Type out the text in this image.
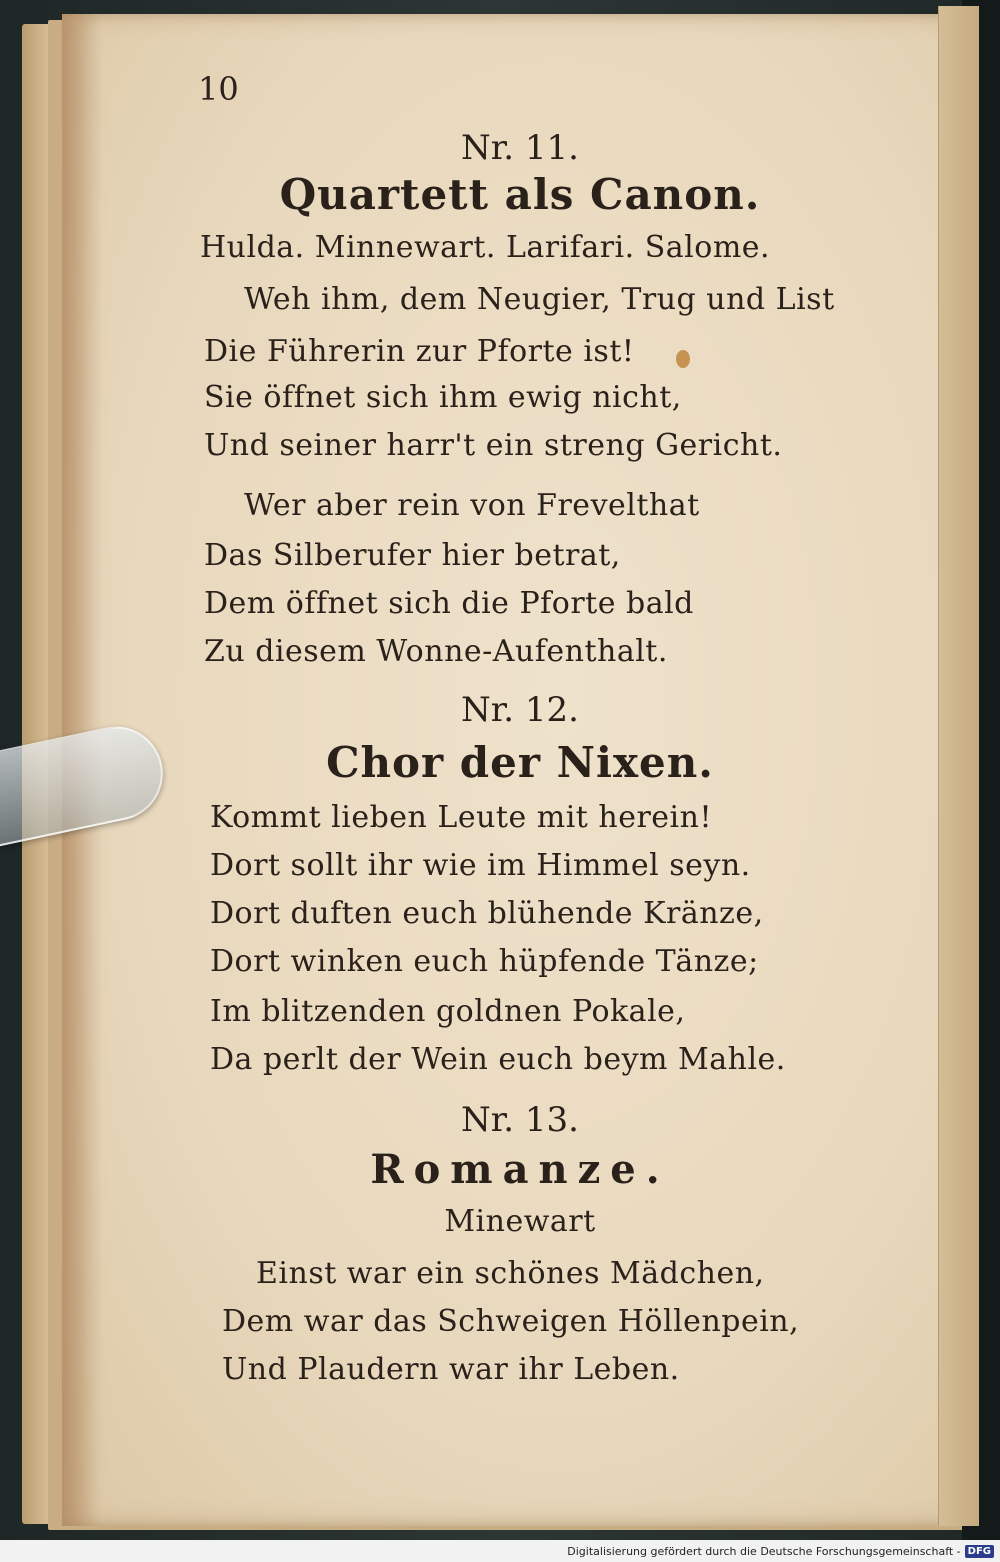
10
Nr. 11.
Quartett als Canon.
Hulda. Minnewart. Larifari. Salome.
Weh ihm, dem Neugier, Trug und List
Die Führerin zur Pforte ist!
Sie öffnet sich ihm ewig nicht,
Und seiner harr't ein streng Gericht.
Wer aber rein von Frevelthat
Das Silberufer hier betrat,
Dem öffnet sich die Pforte bald
Zu diesem Wonne-Aufenthalt.
Nr. 12.
Chor der Nixen.
Kommt lieben Leute mit herein!
Dort sollt ihr wie im Himmel seyn.
Dort duften euch blühende Kränze,
Dort winken euch hüpfende Tänze;
Im blitzenden goldnen Pokale,
Da perlt der Wein euch beym Mahle.
Nr. 13.
Romanze.
Minewart
Einst war ein schönes Mädchen,
Dem war das Schweigen Höllenpein,
Und Plaudern war ihr Leben.
Digitalisierung gefördert durch die Deutsche Forschungsgemeinschaft - DFG
